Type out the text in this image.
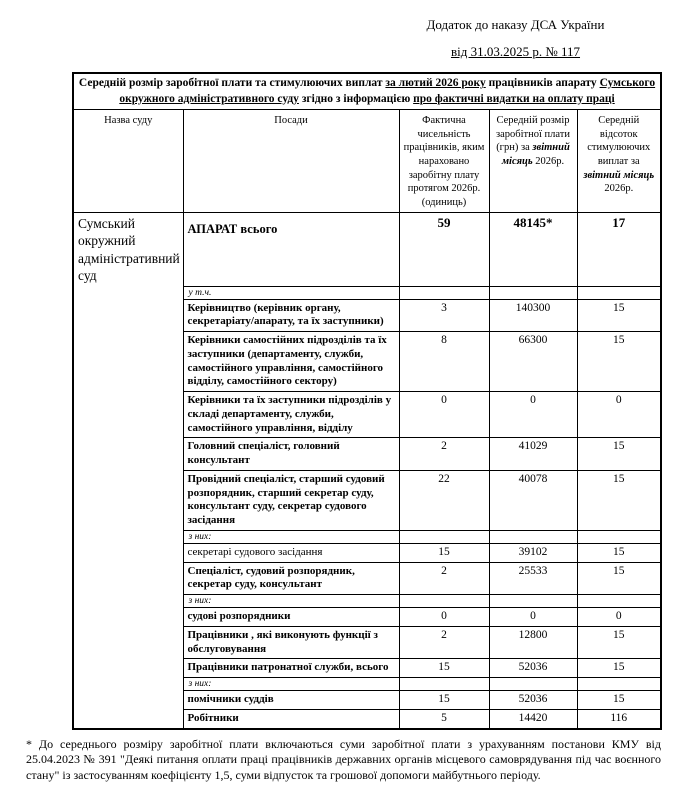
Додаток до наказу ДСА України
від 31.03.2025 р. № 117
Середній розмір заробітної плати та стимулюючих виплат за лютий 2026 року працівників апарату Сумського окружного адміністративного суду згідно з інформацією про фактичні видатки на оплату праці				
Назва суду	Посади	Фактична чисельність працівників, яким нараховано заробітну плату протягом 2026р.(одиниць)	Середній розмір заробітної плати (грн) за звітний місяць 2026р.	Середній відсоток стимулюючих виплат за звітний місяць 2026р.
Сумський окружний адміністративний суд	АПАРАТ всього	59	48145*	17
	у т.ч.			
	Керівництво (керівник органу, секретаріату/апарату, та їх заступники)	3	140300	15
	Керівники самостійних підрозділів та їх заступники (департаменту, служби, самостійного управління, самостійного відділу, самостійного сектору)	8	66300	15
	Керівники та їх заступники підрозділів у складі департаменту, служби, самостійного управління, відділу	0	0	0
	Головний спеціаліст, головний консультант	2	41029	15
	Провідний спеціаліст, старший судовий розпорядник, старший секретар суду, консультант суду, секретар судового засідання	22	40078	15
	з них:			
	секретарі судового засідання	15	39102	15
	Спеціаліст, судовий розпорядник, секретар суду, консультант	2	25533	15
	з них:			
	судові розпорядники	0	0	0
	Працівники , які виконують функції з обслуговування	2	12800	15
	Працівники патронатної служби, всього	15	52036	15
	з них:			
	помічники суддів	15	52036	15
	Робітники	5	14420	116
* До середнього розміру заробітної плати включаються суми заробітної плати з урахуванням постанови КМУ від 25.04.2023 № 391 "Деякі питання оплати праці працівників державних органів місцевого самоврядування під час воєнного стану" із застосуванням коефіцієнту 1,5, суми відпусток та грошової допомоги майбутнього періоду.
